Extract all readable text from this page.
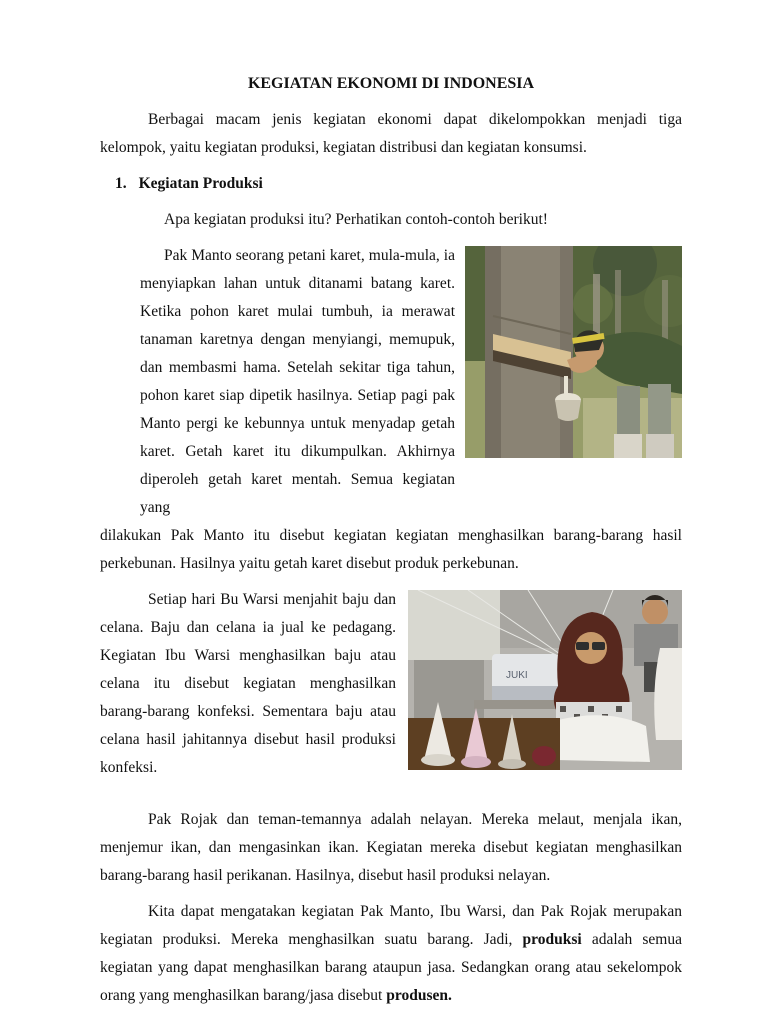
KEGIATAN EKONOMI DI INDONESIA

Berbagai macam jenis kegiatan ekonomi dapat dikelompokkan menjadi tiga kelompok, yaitu kegiatan produksi, kegiatan distribusi dan kegiatan konsumsi.

1. Kegiatan Produksi

Apa kegiatan produksi itu? Perhatikan contoh-contoh berikut!

Pak Manto seorang petani karet, mula-mula, ia menyiapkan lahan untuk ditanami batang karet. Ketika pohon karet mulai tumbuh, ia merawat tanaman karetnya dengan menyiangi, memupuk, dan membasmi hama. Setelah sekitar tiga tahun, pohon karet siap dipetik hasilnya. Setiap pagi pak Manto pergi ke kebunnya untuk menyadap getah karet. Getah karet itu dikumpulkan. Akhirnya diperoleh getah karet mentah. Semua kegiatan yang

dilakukan Pak Manto itu disebut kegiatan kegiatan menghasilkan barang-barang hasil perkebunan. Hasilnya yaitu getah karet disebut produk perkebunan.

JUKI

Setiap hari Bu Warsi menjahit baju dan celana. Baju dan celana ia jual ke pedagang. Kegiatan Ibu Warsi menghasilkan baju atau celana itu disebut kegiatan menghasilkan barang-barang konfeksi. Sementara baju atau celana hasil jahitannya disebut hasil produksi konfeksi.

Pak Rojak dan teman-temannya adalah nelayan. Mereka melaut, menjala ikan, menjemur ikan, dan mengasinkan ikan. Kegiatan mereka disebut kegiatan menghasilkan barang-barang hasil perikanan. Hasilnya, disebut hasil produksi nelayan.

Kita dapat mengatakan kegiatan Pak Manto, Ibu Warsi, dan Pak Rojak merupakan kegiatan produksi. Mereka menghasilkan suatu barang. Jadi, produksi adalah semua kegiatan yang dapat menghasilkan barang ataupun jasa. Sedangkan orang atau sekelompok orang yang menghasilkan barang/jasa disebut produsen.
